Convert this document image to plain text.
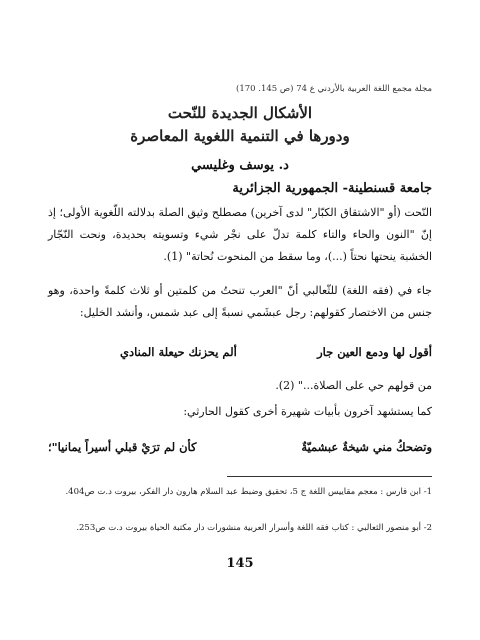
مجلة مجمع اللغة العربية بالأردني ع 74 (ص 145. 170)
الأشكال الجديدة للنّحت
ودورها في التنمية اللغوية المعاصرة
د. يوسف وغليسي
جامعة قسنطينة- الجمهورية الجزائرية
النّحت (أو "الاشتقاق الكبّار" لدى آخرين) مصطلح وثيق الصلة بدلالته اللّغوية الأولى؛ إذ إنّ "النون والحاء والتاء كلمة تدلّ على نجْر شيء وتسويته بحديدة، ونحت النّجّار الخشبة ينحتها نحتاً (...)، وما سقط من المنحوت نُحاتة" (1).
جاء في (فقه اللغة) للثّعالبي أنّ "العرب تنحتُ من كلمتين أو ثلاث كلمةً واحدة، وهو جنس من الاختصار كقولهم: رجل عبشَمي نسبةً إلى عبد شمس، وأنشد الخليل:
أقول لها ودمع العين جار
ألم يحزنك حيعلة المنادي
من قولهم حي على الصلاة..." (2).
كما يستشهد آخرون بأبيات شهيرة أخرى كقول الحارثي:
وتضحكُ مني شيخةٌ عبشميّةٌ
كأن لم ترَيْ قبلي أسيراً يمانيا"؛
1- ابن فارس : معجم مقاييس اللغة ج 5، تحقيق وضبط عبد السلام هارون دار الفكر، بيروت د.ت ص404.
2- أبو منصور الثعالبي : كتاب فقه اللغة وأسرار العربية منشورات دار مكتبة الحياة بيروت د.ت ص253.
145
